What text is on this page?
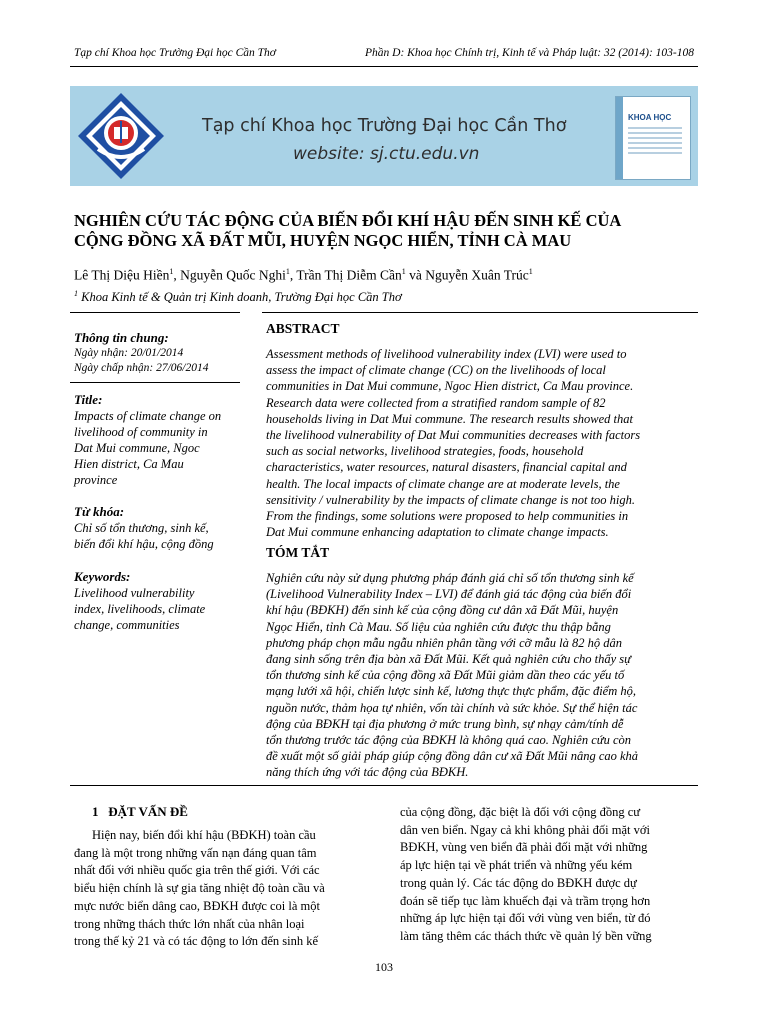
Tạp chí Khoa học Trường Đại học Cần Thơ	Phần D: Khoa học Chính trị, Kinh tế và Pháp luật: 32 (2014): 103-108
Tạp chí Khoa học Trường Đại học Cần Thơ
website: sj.ctu.edu.vn
KHOA HỌC
NGHIÊN CỨU TÁC ĐỘNG CỦA BIẾN ĐỔI KHÍ HẬU ĐẾN SINH KẾ CỦA
CỘNG ĐỒNG XÃ ĐẤT MŨI, HUYỆN NGỌC HIỂN, TỈNH CÀ MAU
Lê Thị Diệu Hiền$^1$, Nguyễn Quốc Nghi$^1$, Trần Thị Diễm Cần$^1$ và Nguyễn Xuân Trúc$^1$
$^1$ Khoa Kinh tế & Quản trị Kinh doanh, Trường Đại học Cần Thơ
Thông tin chung:
Ngày nhận: 20/01/2014
Ngày chấp nhận: 27/06/2014
Title:
Impacts of climate change on
livelihood of community in
Dat Mui commune, Ngoc
Hien district, Ca Mau
province
Từ khóa:
Chỉ số tổn thương, sinh kế,
biến đổi khí hậu, cộng đồng
Keywords:
Livelihood vulnerability
index, livelihoods, climate
change, communities
ABSTRACT
Assessment methods of livelihood vulnerability index (LVI) were used to
assess the impact of climate change (CC) on the livelihoods of local
communities in Dat Mui commune, Ngoc Hien district, Ca Mau province.
Research data were collected from a stratified random sample of 82
households living in Dat Mui commune. The research results showed that
the livelihood vulnerability of Dat Mui communities decreases with factors
such as social networks, livelihood strategies, foods, household
characteristics, water resources, natural disasters, financial capital and
health. The local impacts of climate change are at moderate levels, the
sensitivity / vulnerability by the impacts of climate change is not too high.
From the findings, some solutions were proposed to help communities in
Dat Mui commune enhancing adaptation to climate change impacts.
TÓM TẮT
Nghiên cứu này sử dụng phương pháp đánh giá chỉ số tổn thương sinh kế
(Livelihood Vulnerability Index – LVI) để đánh giá tác động của biến đổi
khí hậu (BĐKH) đến sinh kế của cộng đồng cư dân xã Đất Mũi, huyện
Ngọc Hiển, tỉnh Cà Mau. Số liệu của nghiên cứu được thu thập bằng
phương pháp chọn mẫu ngẫu nhiên phân tầng với cỡ mẫu là 82 hộ dân
đang sinh sống trên địa bàn xã Đất Mũi. Kết quả nghiên cứu cho thấy sự
tổn thương sinh kế của cộng đồng xã Đất Mũi giảm dần theo các yếu tố
mạng lưới xã hội, chiến lược sinh kế, lương thực thực phẩm, đặc điểm hộ,
nguồn nước, thảm họa tự nhiên, vốn tài chính và sức khỏe. Sự thể hiện tác
động của BĐKH tại địa phương ở mức trung bình, sự nhạy cảm/tính dễ
tổn thương trước tác động của BĐKH là không quá cao. Nghiên cứu còn
đề xuất một số giải pháp giúp cộng đồng dân cư xã Đất Mũi nâng cao khả
năng thích ứng với tác động của BĐKH.
1   ĐẶT VẤN ĐỀ
Hiện nay, biến đổi khí hậu (BĐKH) toàn cầu
đang là một trong những vấn nạn đáng quan tâm
nhất đối với nhiều quốc gia trên thế giới. Với các
biểu hiện chính là sự gia tăng nhiệt độ toàn cầu và
mực nước biển dâng cao, BĐKH được coi là một
trong những thách thức lớn nhất của nhân loại
trong thế kỷ 21 và có tác động to lớn đến sinh kế
của cộng đồng, đặc biệt là đối với cộng đồng cư
dân ven biển. Ngay cả khi không phải đối mặt với
BĐKH, vùng ven biển đã phải đối mặt với những
áp lực hiện tại về phát triển và những yếu kém
trong quản lý. Các tác động do BĐKH được dự
đoán sẽ tiếp tục làm khuếch đại và trầm trọng hơn
những áp lực hiện tại đối với vùng ven biển, từ đó
làm tăng thêm các thách thức về quản lý bền vững
103
